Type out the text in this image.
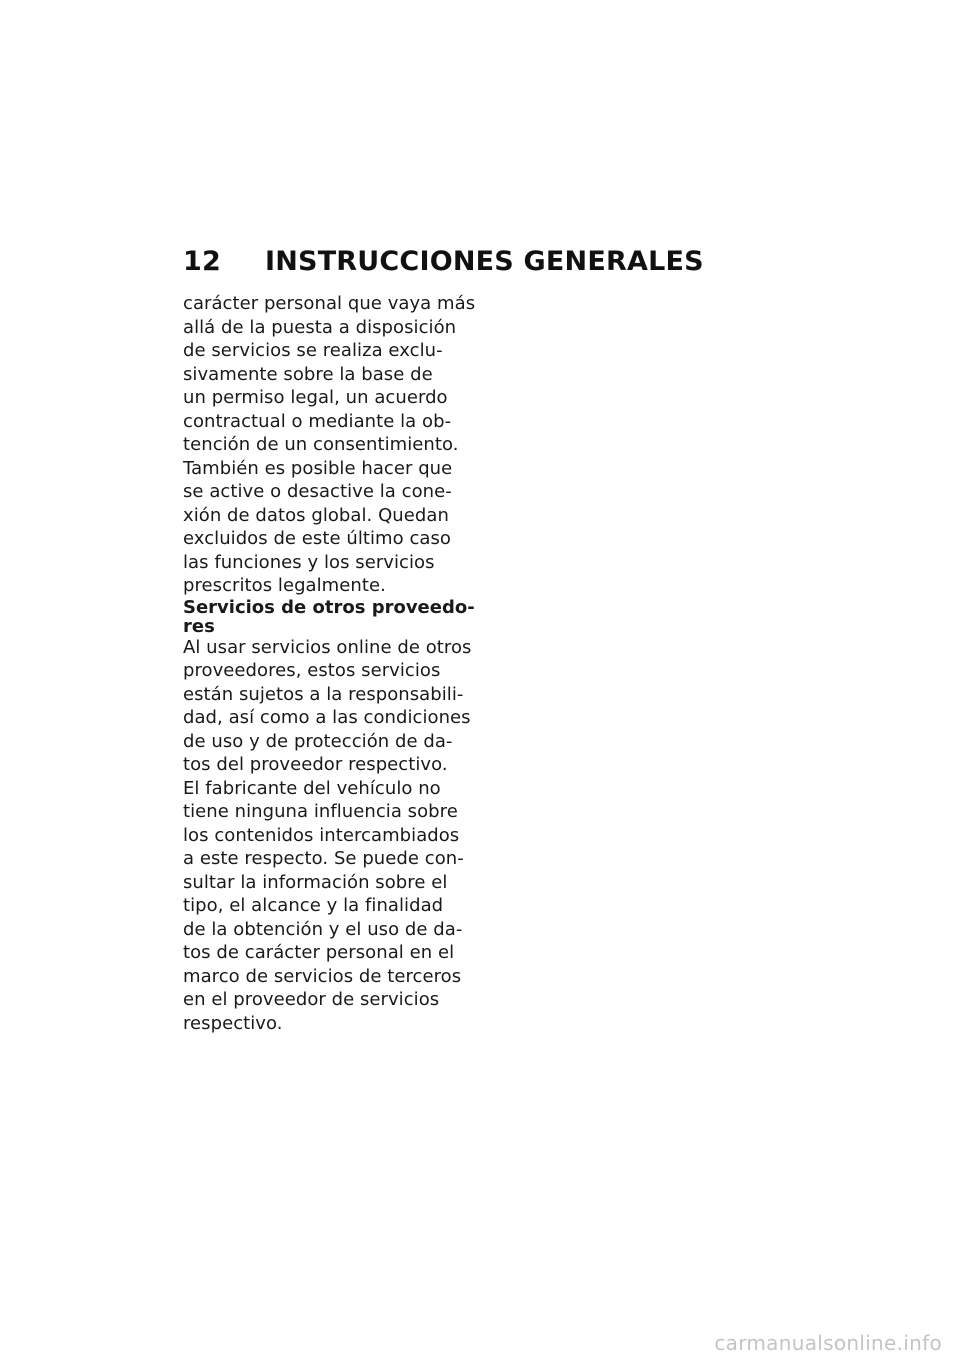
12	INSTRUCCIONES GENERALES
carácter personal que vaya más
allá de la puesta a disposición
de servicios se realiza exclu-
sivamente sobre la base de
un permiso legal, un acuerdo
contractual o mediante la ob-
tención de un consentimiento.
También es posible hacer que
se active o desactive la cone-
xión de datos global. Quedan
excluidos de este último caso
las funciones y los servicios
prescritos legalmente.
Servicios de otros proveedo-
res
Al usar servicios online de otros
proveedores, estos servicios
están sujetos a la responsabili-
dad, así como a las condiciones
de uso y de protección de da-
tos del proveedor respectivo.
El fabricante del vehículo no
tiene ninguna influencia sobre
los contenidos intercambiados
a este respecto. Se puede con-
sultar la información sobre el
tipo, el alcance y la finalidad
de la obtención y el uso de da-
tos de carácter personal en el
marco de servicios de terceros
en el proveedor de servicios
respectivo.
carmanualsonline.info
